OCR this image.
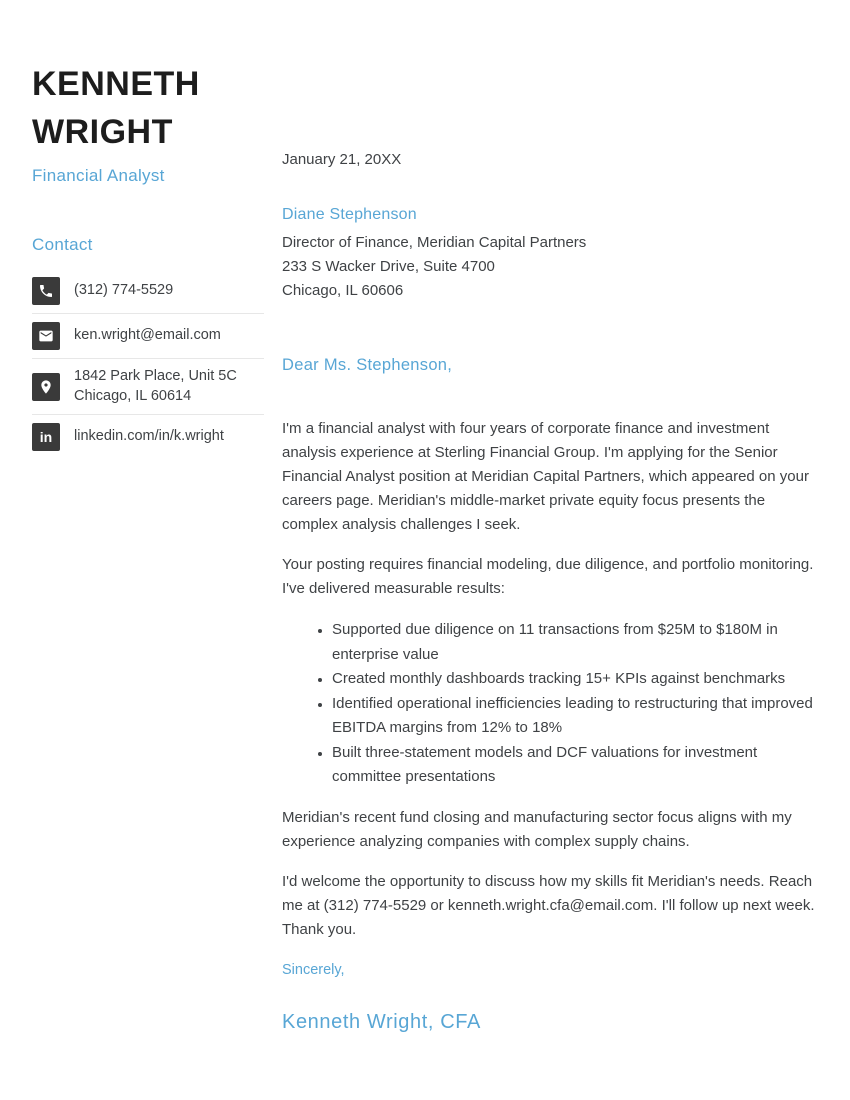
KENNETH WRIGHT
Financial Analyst
Contact
(312) 774-5529
ken.wright@email.com
1842 Park Place, Unit 5C
Chicago, IL 60614
in linkedin.com/in/k.wright

January 21, 20XX

Diane Stephenson
Director of Finance, Meridian Capital Partners
233 S Wacker Drive, Suite 4700
Chicago, IL 60606
Dear Ms. Stephenson,

I'm a financial analyst with four years of corporate finance and investment analysis experience at Sterling Financial Group. I'm applying for the Senior Financial Analyst position at Meridian Capital Partners, which appeared on your careers page. Meridian's middle-market private equity focus presents the complex analysis challenges I seek.

Your posting requires financial modeling, due diligence, and portfolio monitoring. I've delivered measurable results:

• Supported due diligence on 11 transactions from $25M to $180M in enterprise value
• Created monthly dashboards tracking 15+ KPIs against benchmarks
• Identified operational inefficiencies leading to restructuring that improved EBITDA margins from 12% to 18%
• Built three-statement models and DCF valuations for investment committee presentations

Meridian's recent fund closing and manufacturing sector focus aligns with my experience analyzing companies with complex supply chains.

I'd welcome the opportunity to discuss how my skills fit Meridian's needs. Reach me at (312) 774-5529 or kenneth.wright.cfa@email.com. I'll follow up next week. Thank you.

Sincerely,
Kenneth Wright, CFA
